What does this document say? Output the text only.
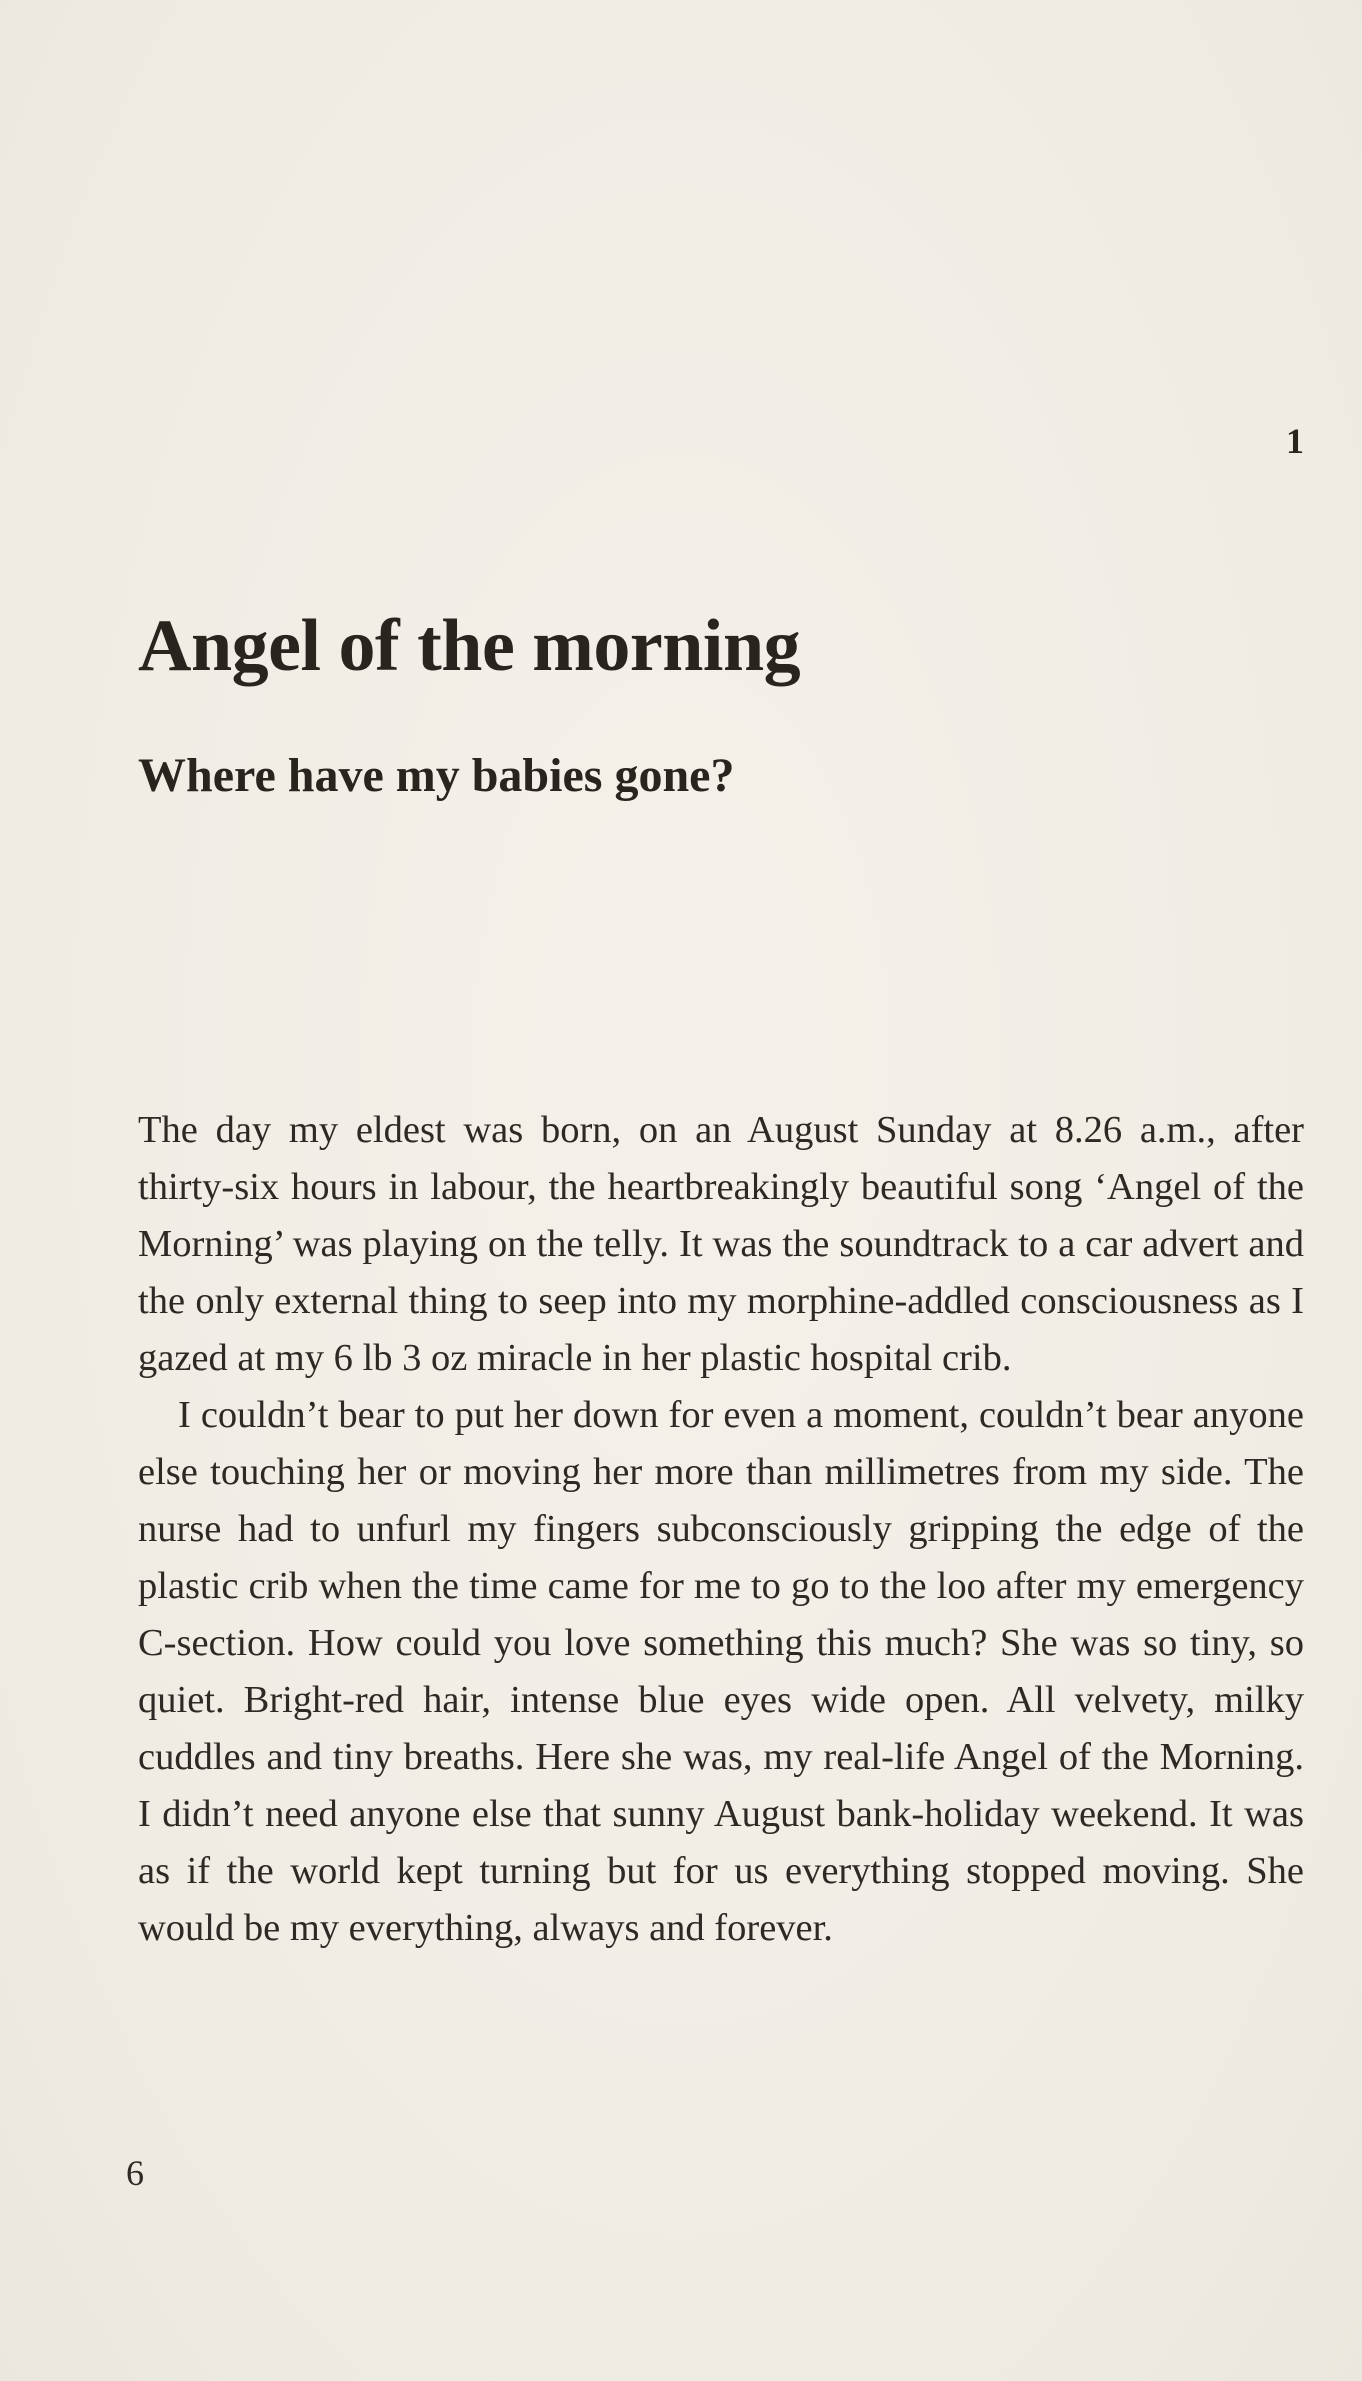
1
Angel of the morning
Where have my babies gone?

The day my eldest was born, on an August Sunday at 8.26 a.m., after thirty-six hours in labour, the heartbreakingly beautiful song ‘Angel of the Morning’ was playing on the telly. It was the soundtrack to a car advert and the only external thing to seep into my morphine-addled consciousness as I gazed at my 6 lb 3 oz miracle in her plastic hospital crib.

I couldn’t bear to put her down for even a moment, couldn’t bear anyone else touching her or moving her more than millimetres from my side. The nurse had to unfurl my fingers subconsciously gripping the edge of the plastic crib when the time came for me to go to the loo after my emergency C-section. How could you love something this much? She was so tiny, so quiet. Bright-red hair, intense blue eyes wide open. All velvety, milky cuddles and tiny breaths. Here she was, my real-life Angel of the Morning. I didn’t need anyone else that sunny August bank-holiday weekend. It was as if the world kept turning but for us everything stopped moving. She would be my everything, always and forever.

6
